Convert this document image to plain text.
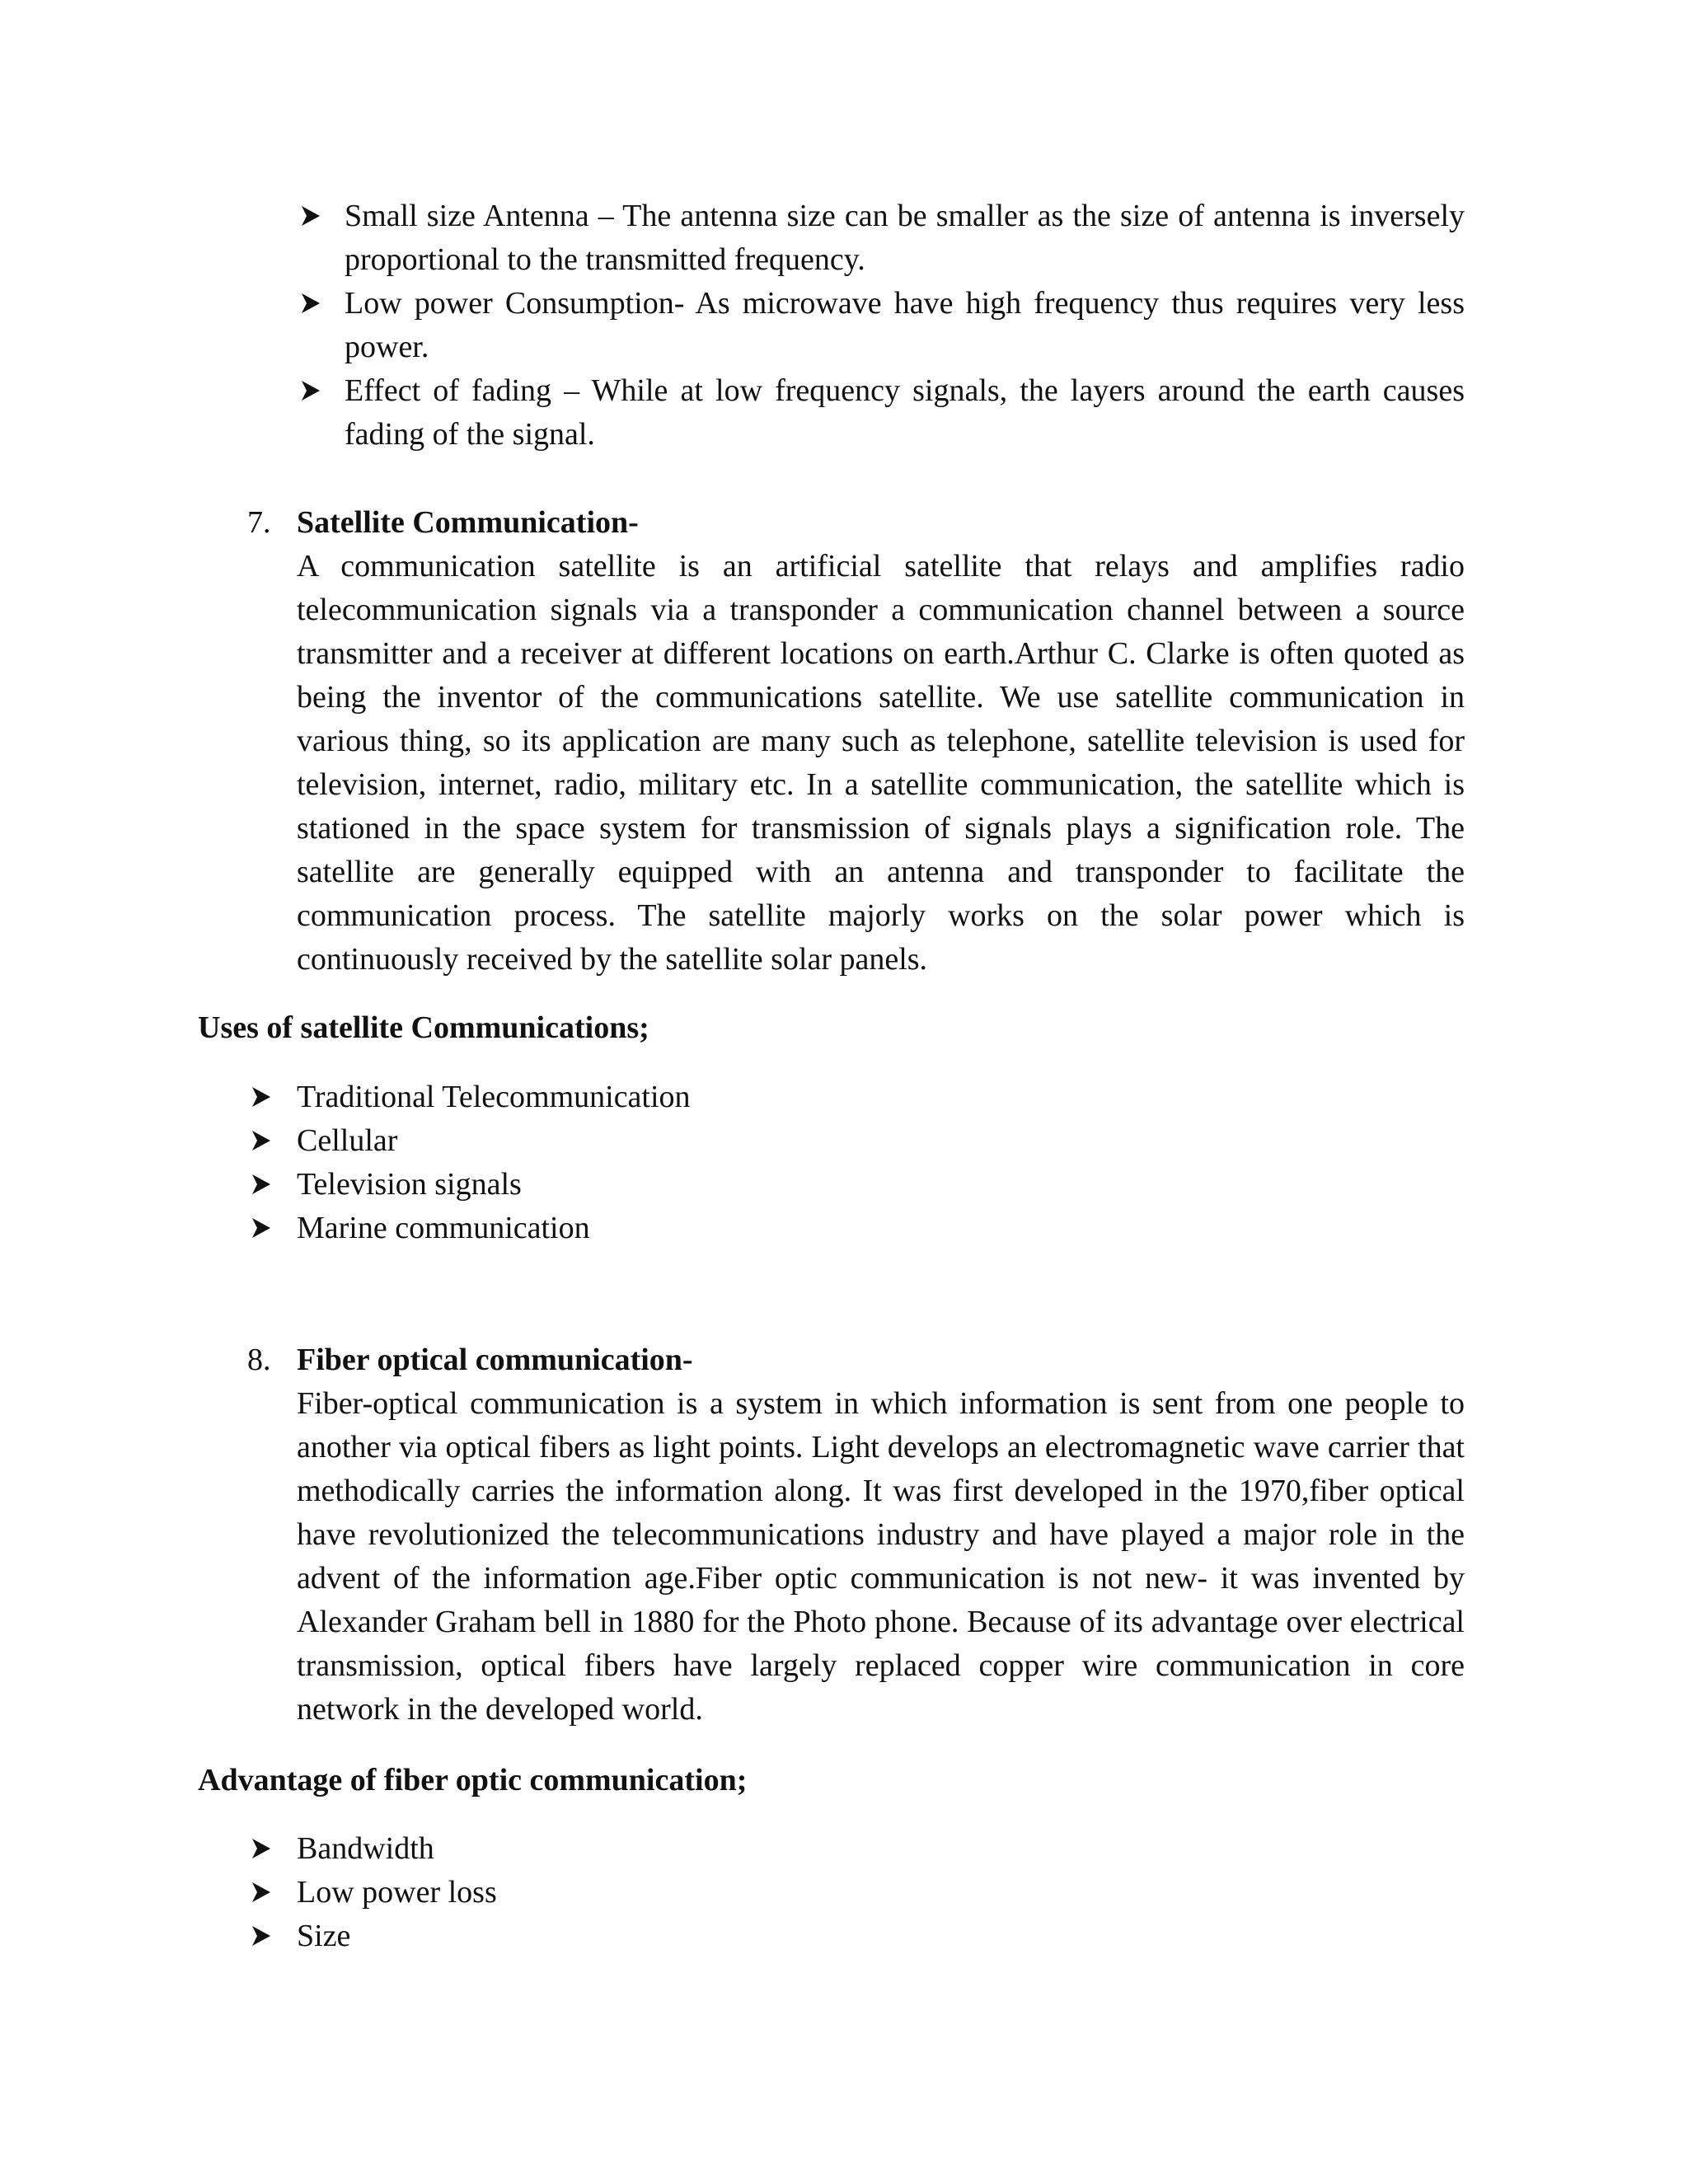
Small size Antenna – The antenna size can be smaller as the size of antenna is inversely proportional to the transmitted frequency.
Low power Consumption- As microwave have high frequency thus requires very less power.
Effect of fading – While at low frequency signals, the layers around the earth causes fading of the signal.
7. Satellite Communication-

A communication satellite is an artificial satellite that relays and amplifies radio telecommunication signals via a transponder a communication channel between a source transmitter and a receiver at different locations on earth.Arthur C. Clarke is often quoted as being the inventor of the communications satellite. We use satellite communication in various thing, so its application are many such as telephone, satellite television is used for television, internet, radio, military etc. In a satellite communication, the satellite which is stationed in the space system for transmission of signals plays a signification role. The satellite are generally equipped with an antenna and transponder to facilitate the communication process. The satellite majorly works on the solar power which is continuously received by the satellite solar panels.

Uses of satellite Communications;
Traditional Telecommunication
Cellular
Television signals
Marine communication
8. Fiber optical communication-

Fiber-optical communication is a system in which information is sent from one people to another via optical fibers as light points. Light develops an electromagnetic wave carrier that methodically carries the information along. It was first developed in the 1970,fiber optical have revolutionized the telecommunications industry and have played a major role in the advent of the information age.Fiber optic communication is not new- it was invented by Alexander Graham bell in 1880 for the Photo phone. Because of its advantage over electrical transmission, optical fibers have largely replaced copper wire communication in core network in the developed world.

Advantage of fiber optic communication;
Bandwidth
Low power loss
Size
